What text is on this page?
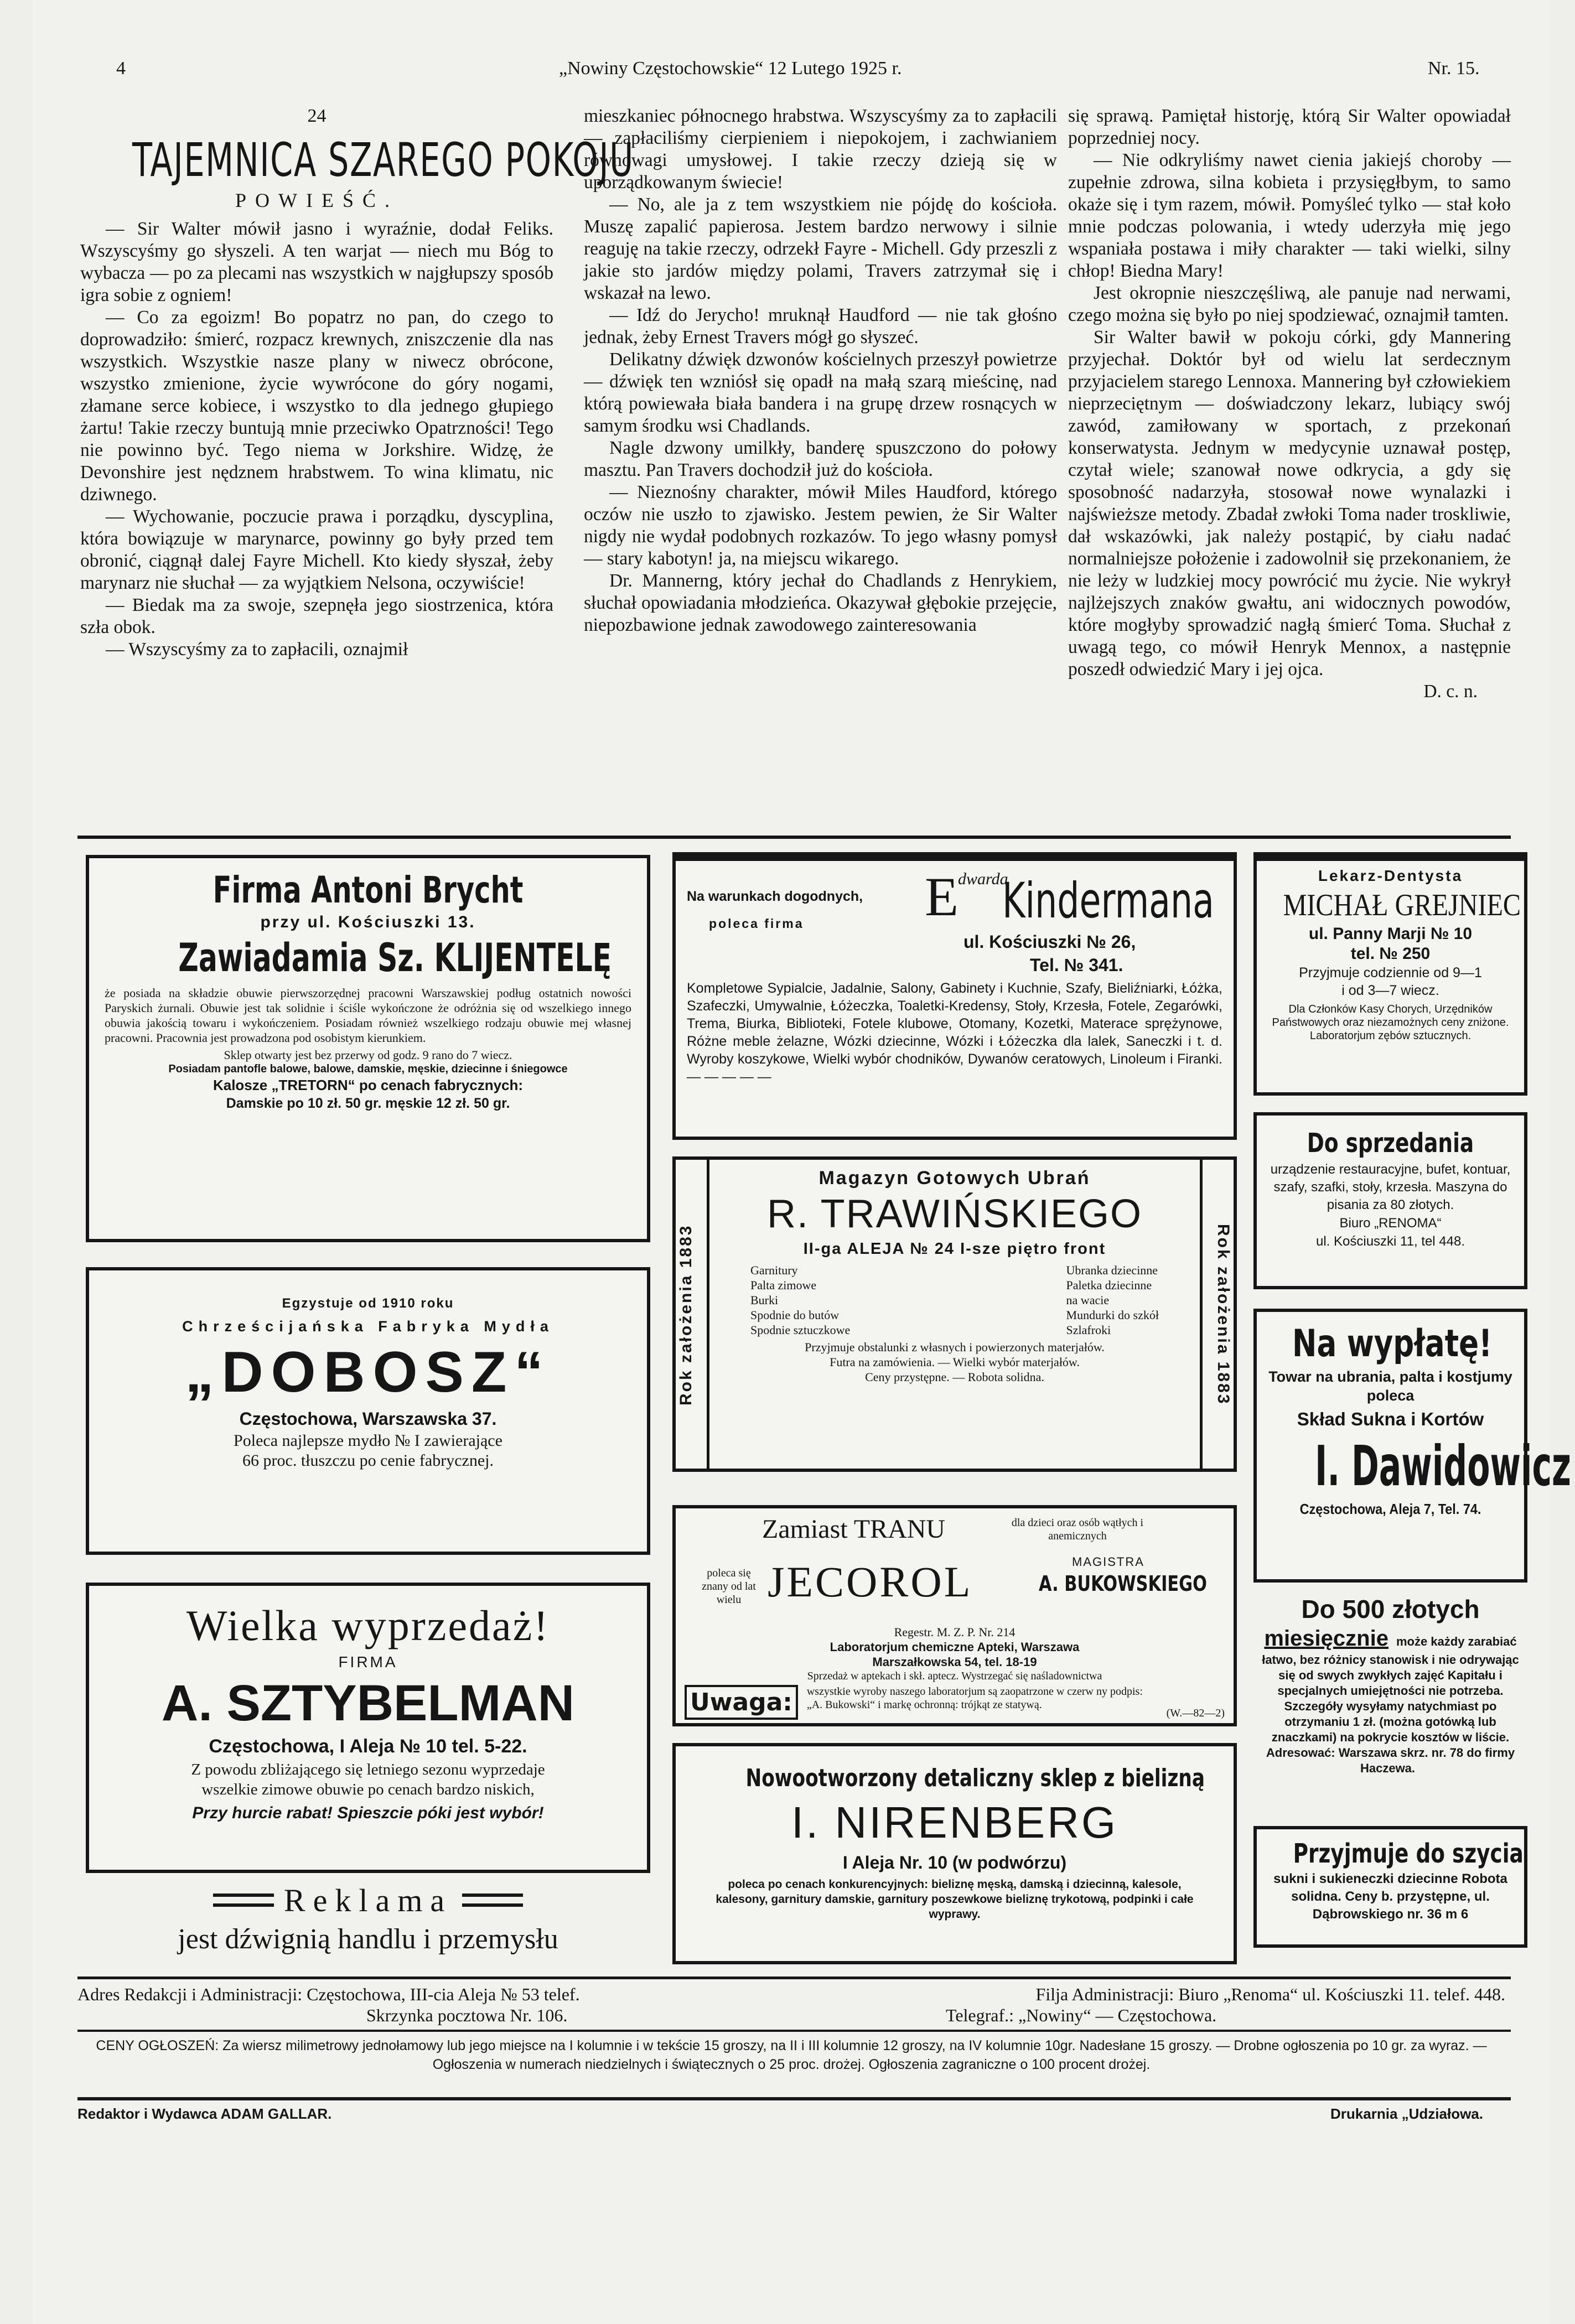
4	„Nowiny Częstochowskie“ 12 Lutego 1925 r.	Nr. 15.
24
TAJEMNICA SZAREGO POKOJU
POWIEŚĆ.

— Sir Walter mówił jasno i wyraźnie, dodał Feliks. Wszyscyśmy go słyszeli. A ten warjat — niech mu Bóg to wybacza — po za plecami nas wszystkich w najgłupszy sposób igra sobie z ogniem!

— Co za egoizm! Bo popatrz no pan, do czego to doprowadziło: śmierć, rozpacz krewnych, zniszczenie dla nas wszystkich. Wszystkie nasze plany w niwecz obrócone, wszystko zmienione, życie wywrócone do góry nogami, złamane serce kobiece, i wszystko to dla jednego głupiego żartu! Takie rzeczy buntują mnie przeciwko Opatrzności! Tego nie powinno być. Tego niema w Jorkshire. Widzę, że Devonshire jest nędznem hrabstwem. To wina klimatu, nic dziwnego.

— Wychowanie, poczucie prawa i porządku, dyscyplina, która bowiązuje w marynarce, powinny go były przed tem obronić, ciągnął dalej Fayre Michell. Kto kiedy słyszał, żeby marynarz nie słuchał — za wyjątkiem Nelsona, oczywiście!

— Biedak ma za swoje, szepnęła jego siostrzenica, która szła obok.

— Wszyscyśmy za to zapłacili, oznajmił

mieszkaniec północnego hrabstwa. Wszyscyśmy za to zapłacili — zapłaciliśmy cierpieniem i niepokojem, i zachwianiem równowagi umysłowej. I takie rzeczy dzieją się w uporządkowanym świecie!

— No, ale ja z tem wszystkiem nie pójdę do kościoła. Muszę zapalić papierosa. Jestem bardzo nerwowy i silnie reaguję na takie rzeczy, odrzekł Fayre - Michell. Gdy przeszli z jakie sto jardów między polami, Travers zatrzymał się i wskazał na lewo.

— Idź do Jerycho! mruknął Haudford — nie tak głośno jednak, żeby Ernest Travers mógł go słyszeć.

Delikatny dźwięk dzwonów kościelnych przeszył powietrze — dźwięk ten wzniósł się opadł na małą szarą mieścinę, nad którą powiewała biała bandera i na grupę drzew rosnących w samym środku wsi Chadlands.

Nagle dzwony umilkły, banderę spuszczono do połowy masztu. Pan Travers dochodził już do kościoła.

— Nieznośny charakter, mówił Miles Haudford, którego oczów nie uszło to zjawisko. Jestem pewien, że Sir Walter nigdy nie wydał podobnych rozkazów. To jego własny pomysł — stary kabotyn! ja, na miejscu wikarego.

Dr. Mannerng, który jechał do Chadlands z Henrykiem, słuchał opowiadania młodzieńca. Okazywał głębokie przejęcie, niepozbawione jednak zawodowego zainteresowania

się sprawą. Pamiętał historję, którą Sir Walter opowiadał poprzedniej nocy.

— Nie odkryliśmy nawet cienia jakiejś choroby — zupełnie zdrowa, silna kobieta i przysięgłbym, to samo okaże się i tym razem, mówił. Pomyśleć tylko — stał koło mnie podczas polowania, i wtedy uderzyła mię jego wspaniała postawa i miły charakter — taki wielki, silny chłop! Biedna Mary!

Jest okropnie nieszczęśliwą, ale panuje nad nerwami, czego można się było po niej spodziewać, oznajmił tamten.

Sir Walter bawił w pokoju córki, gdy Mannering przyjechał. Doktór był od wielu lat serdecznym przyjacielem starego Lennoxa. Mannering był człowiekiem nieprzeciętnym — doświadczony lekarz, lubiący swój zawód, zamiłowany w sportach, z przekonań konserwatysta. Jednym w medycynie uznawał postęp, czytał wiele; szanował nowe odkrycia, a gdy się sposobność nadarzyła, stosował nowe wynalazki i najświeższe metody. Zbadał zwłoki Toma nader troskliwie, dał wskazówki, jak należy postąpić, by ciału nadać normalniejsze położenie i zadowolnił się przekonaniem, że nie leży w ludzkiej mocy powrócić mu życie. Nie wykrył najlżejszych znaków gwałtu, ani widocznych powodów, które mogłyby sprowadzić nagłą śmierć Toma. Słuchał z uwagą tego, co mówił Henryk Mennox, a następnie poszedł odwiedzić Mary i jej ojca.

D. c. n.

Firma Antoni Brycht
przy ul. Kościuszki 13.
Zawiadamia Sz. KLIJENTELĘ
że posiada na składzie obuwie pierwszorzędnej pracowni Warszawskiej podług ostatnich nowości Paryskich żurnali. Obuwie jest tak solidnie i ściśle wykończone że odróżnia się od wszelkiego innego obuwia jakością towaru i wykończeniem. Posiadam również wszelkiego rodzaju obuwie mej własnej pracowni. Pracownia jest prowadzona pod osobistym kierunkiem.
Sklep otwarty jest bez przerwy od godz. 9 rano do 7 wiecz.
Posiadam pantofle balowe, balowe, damskie, męskie, dziecinne i śniegowce
Kalosze „TRETORN“ po cenach fabrycznych:
Damskie po 10 zł. 50 gr. męskie 12 zł. 50 gr.
Egzystuje od 1910 roku
Chrześcijańska Fabryka Mydła
„DOBOSZ“
Częstochowa, Warszawska 37.
Poleca najlepsze mydło № I zawierające
66 proc. tłuszczu po cenie fabrycznej.
Wielka wyprzedaż!
FIRMA
A. SZTYBELMAN
Częstochowa, I Aleja № 10 tel. 5-22.
Z powodu zbliżającego się letniego sezonu wyprzedaje
wszelkie zimowe obuwie po cenach bardzo niskich,
Przy hurcie rabat! Spieszcie póki jest wybór!
Reklama
jest dźwignią handlu i przemysłu
Na warunkach dogodnych,
poleca firma E
dwarda
Kindermana
ul. Kościuszki № 26,
Tel. № 341.
Kompletowe Sypialcie, Jadalnie, Salony, Gabinety i Kuchnie, Szafy, Bieliźniarki, Łóżka, Szafeczki, Umywalnie, Łóżeczka, Toaletki-Kredensy, Stoły, Krzesła, Fotele, Zegarówki, Trema, Biurka, Biblioteki, Fotele klubowe, Otomany, Kozetki, Materace sprężynowe, Różne meble żelazne, Wózki dziecinne, Wózki i Łóżeczka dla lalek, Saneczki i t. d. Wyroby koszykowe, Wielki wybór chodników, Dywanów ceratowych, Linoleum i Firanki. — — — — —
Rok założenia 1883	Rok założenia 1883
Magazyn Gotowych Ubrań
R. TRAWIŃSKIEGO
II-ga ALEJA № 24 I-sze piętro front
Garnitury
Palta zimowe
Burki
Spodnie do butów
Spodnie sztuczkowe
Ubranka dziecinne
Paletka dziecinne
na wacie
Mundurki do szkół
Szlafroki
Przyjmuje obstalunki z własnych i powierzonych materjałów.
Futra na zamówienia. — Wielki wybór materjałów.
Ceny przystępne. — Robota solidna.
Zamiast TRANU	dla dzieci oraz osób wątłych i anemicznych
poleca się znany od lat wielu JECOROL	MAGISTRA
A. BUKOWSKIEGO
Regestr. M. Z. P. Nr. 214
Laboratorjum chemiczne Apteki, Warszawa
Marszałkowska 54, tel. 18-19
Sprzedaż w aptekach i skł. aptecz. Wystrzegać się naśladownictwa
Uwaga:	wszystkie wyroby naszego laboratorjum są zaopatrzone w czerw ny podpis: „A. Bukowski“ i markę ochronną: trójkąt ze statywą.
(W.—82—2)
Nowootworzony detaliczny sklep z bielizną
I. NIRENBERG
I Aleja Nr. 10 (w podwórzu)
poleca po cenach konkurencyjnych: bieliznę męską, damską i dziecinną, kalesole, kalesony, garnitury damskie, garnitury poszewkowe bieliznę trykotową, podpinki i całe wyprawy.
Lekarz-Dentysta
MICHAŁ GREJNIEC
ul. Panny Marji № 10
tel. № 250
Przyjmuje codziennie od 9—1
i od 3—7 wiecz.
Dla Członków Kasy Chorych, Urzędników Państwowych oraz niezamożnych ceny zniżone.
Laboratorjum zębów sztucznych.
Do sprzedania
urządzenie restauracyjne, bufet, kontuar, szafy, szafki, stoły, krzesła. Maszyna do pisania za 80 złotych.
Biuro „RENOMA“
ul. Kościuszki 11, tel 448.
Na wypłatę!
Towar na ubrania, palta i kostjumy poleca
Skład Sukna i Kortów
I. Dawidowicz
Częstochowa, Aleja 7, Tel. 74.
Do 500 złotych miesięcznie może każdy zarabiać łatwo, bez różnicy stanowisk i nie odrywając się od swych zwykłych zajęć Kapitału i specjalnych umiejętności nie potrzeba. Szczegóły wysyłamy natychmiast po otrzymaniu 1 zł. (można gotówką lub znaczkami) na pokrycie kosztów w liście. Adresować: Warszawa skrz. nr. 78 do firmy Haczewa.
Przyjmuje do szycia
sukni i sukieneczki dziecinne Robota solidna. Ceny b. przystępne, ul. Dąbrowskiego nr. 36 m 6
Adres Redakcji i Administracji: Częstochowa, III-cia Aleja № 53 telef.	Filja Administracji: Biuro „Renoma“ ul. Kościuszki 11. telef. 448.
Skrzynka pocztowa Nr. 106.	Telegraf.: „Nowiny“ — Częstochowa.
CENY OGŁOSZEŃ: Za wiersz milimetrowy jednołamowy lub jego miejsce na I kolumnie i w tekście 15 groszy, na II i III kolumnie 12 groszy, na IV kolumnie 10gr. Nadesłane 15 groszy. — Drobne ogłoszenia po 10 gr. za wyraz. — Ogłoszenia w numerach niedzielnych i świątecznych o 25 proc. drożej. Ogłoszenia zagraniczne o 100 procent drożej.
Redaktor i Wydawca ADAM GALLAR.	Drukarnia „Udziałowa.
